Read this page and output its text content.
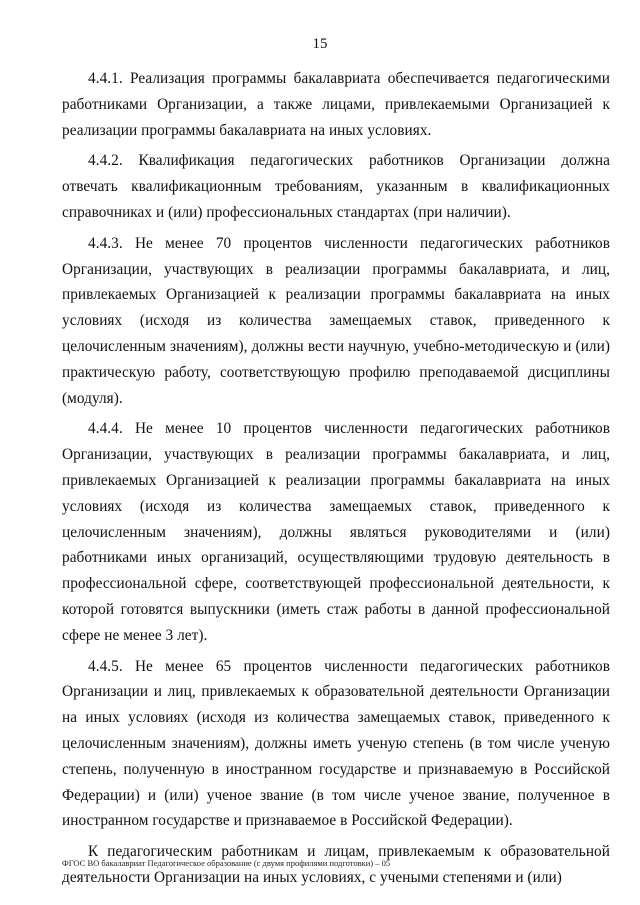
15

4.4.1. Реализация программы бакалавриата обеспечивается педагогическими работниками Организации, а также лицами, привлекаемыми Организацией к реализации программы бакалавриата на иных условиях.

4.4.2. Квалификация педагогических работников Организации должна отвечать квалификационным требованиям, указанным в квалификационных справочниках и (или) профессиональных стандартах (при наличии).

4.4.3. Не менее 70 процентов численности педагогических работников Организации, участвующих в реализации программы бакалавриата, и лиц, привлекаемых Организацией к реализации программы бакалавриата на иных условиях (исходя из количества замещаемых ставок, приведенного к целочисленным значениям), должны вести научную, учебно-методическую и (или) практическую работу, соответствующую профилю преподаваемой дисциплины (модуля).

4.4.4. Не менее 10 процентов численности педагогических работников Организации, участвующих в реализации программы бакалавриата, и лиц, привлекаемых Организацией к реализации программы бакалавриата на иных условиях (исходя из количества замещаемых ставок, приведенного к целочисленным значениям), должны являться руководителями и (или) работниками иных организаций, осуществляющими трудовую деятельность в профессиональной сфере, соответствующей профессиональной деятельности, к которой готовятся выпускники (иметь стаж работы в данной профессиональной сфере не менее 3 лет).

4.4.5. Не менее 65 процентов численности педагогических работников Организации и лиц, привлекаемых к образовательной деятельности Организации на иных условиях (исходя из количества замещаемых ставок, приведенного к целочисленным значениям), должны иметь ученую степень (в том числе ученую степень, полученную в иностранном государстве и признаваемую в Российской Федерации) и (или) ученое звание (в том числе ученое звание, полученное в иностранном государстве и признаваемое в Российской Федерации).

К педагогическим работникам и лицам, привлекаемым к образовательной деятельности Организации на иных условиях, с учеными степенями и (или)

ФГОС ВО бакалавриат Педагогическое образование (с двумя профилями подготовки) – 05
